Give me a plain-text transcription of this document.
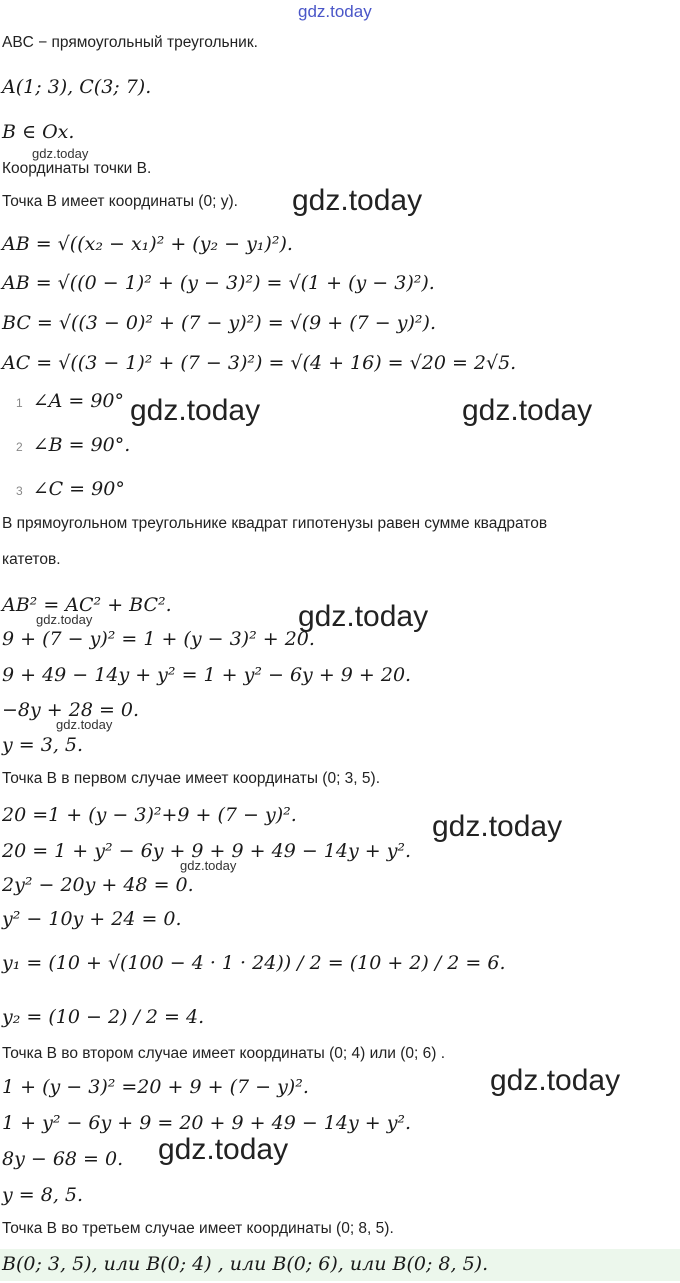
gdz.today
ABC − прямоугольный треугольник.
A(1; 3), C(3; 7).
B ∈ Ox.
gdz.today
Координаты точки B.
Точка B имеет координаты (0; y). gdz.today
AB = √((x₂ − x₁)² + (y₂ − y₁)²).
AB = √((0 − 1)² + (y − 3)²) = √(1 + (y − 3)²).
BC = √((3 − 0)² + (7 − y)²) = √(9 + (7 − y)²).
AC = √((3 − 1)² + (7 − 3)²) = √(4 + 16) = √20 = 2√5.
1 ∠A = 90° gdz.today	gdz.today
2 ∠B = 90°.
3 ∠C = 90°
В прямоугольном треугольнике квадрат гипотенузы равен сумме квадратов
катетов.
AB² = AC² + BC².	gdz.today
gdz.today
9 + (7 − y)² = 1 + (y − 3)² + 20.
9 + 49 − 14y + y² = 1 + y² − 6y + 9 + 20.
−8y + 28 = 0.
gdz.today
y = 3, 5.
Точка B в первом случае имеет координаты (0; 3, 5).
20 =1 + (y − 3)²+9 + (7 − y)².	gdz.today
20 = 1 + y² − 6y + 9 + 9 + 49 − 14y + y².
gdz.today
2y² − 20y + 48 = 0.
y² − 10y + 24 = 0.
y₁ = (10 + √(100 − 4 · 1 · 24)) / 2 = (10 + 2) / 2 = 6.
y₂ = (10 − 2) / 2 = 4.
Точка B во втором случае имеет координаты (0; 4) или (0; 6) .
1 + (y − 3)² =20 + 9 + (7 − y)².	gdz.today
1 + y² − 6y + 9 = 20 + 9 + 49 − 14y + y².
8y − 68 = 0. gdz.today
y = 8, 5.
Точка B во третьем случае имеет координаты (0; 8, 5).
B(0; 3, 5), или B(0; 4) , или B(0; 6), или B(0; 8, 5).
